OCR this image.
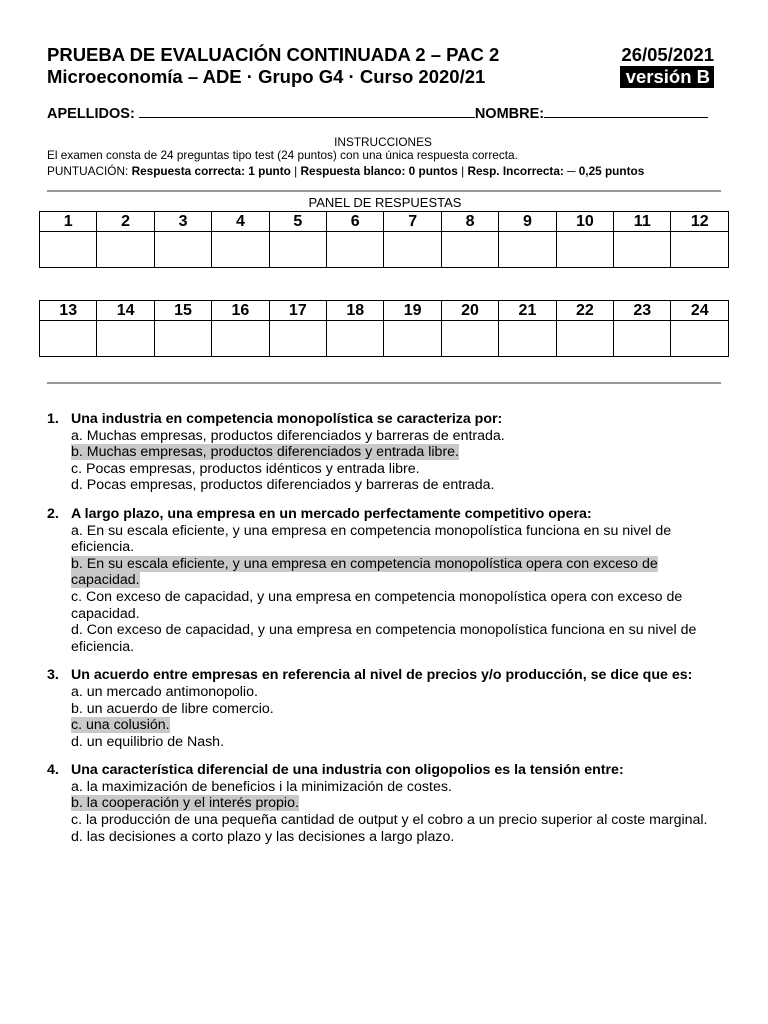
PRUEBA DE EVALUACIÓN CONTINUADA 2 – PAC 2	26/05/2021
Microeconomía – ADE · Grupo G4 · Curso 2020/21	versión B
APELLIDOS:	NOMBRE:
INSTRUCCIONES
El examen consta de 24 preguntas tipo test (24 puntos) con una única respuesta correcta.
PUNTUACIÓN: Respuesta correcta: 1 punto | Respuesta blanco: 0 puntos | Resp. Incorrecta: ─ 0,25 puntos
PANEL DE RESPUESTAS
1	2	3	4	5	6	7	8	9	10	11	12

13	14	15	16	17	18	19	20	21	22	23	24

1. Una industria en competencia monopolística se caracteriza por:
a. Muchas empresas, productos diferenciados y barreras de entrada.
b. Muchas empresas, productos diferenciados y entrada libre.
c. Pocas empresas, productos idénticos y entrada libre.
d. Pocas empresas, productos diferenciados y barreras de entrada.
2. A largo plazo, una empresa en un mercado perfectamente competitivo opera:
a. En su escala eficiente, y una empresa en competencia monopolística funciona en su nivel de eficiencia.
b. En su escala eficiente, y una empresa en competencia monopolística opera con exceso de capacidad.
c. Con exceso de capacidad, y una empresa en competencia monopolística opera con exceso de capacidad.
d. Con exceso de capacidad, y una empresa en competencia monopolística funciona en su nivel de eficiencia.
3. Un acuerdo entre empresas en referencia al nivel de precios y/o producción, se dice que es:
a. un mercado antimonopolio.
b. un acuerdo de libre comercio.
c. una colusión.
d. un equilibrio de Nash.
4. Una característica diferencial de una industria con oligopolios es la tensión entre:
a. la maximización de beneficios i la minimización de costes.
b. la cooperación y el interés propio.
c. la producción de una pequeña cantidad de output y el cobro a un precio superior al coste marginal.
d. las decisiones a corto plazo y las decisiones a largo plazo.
